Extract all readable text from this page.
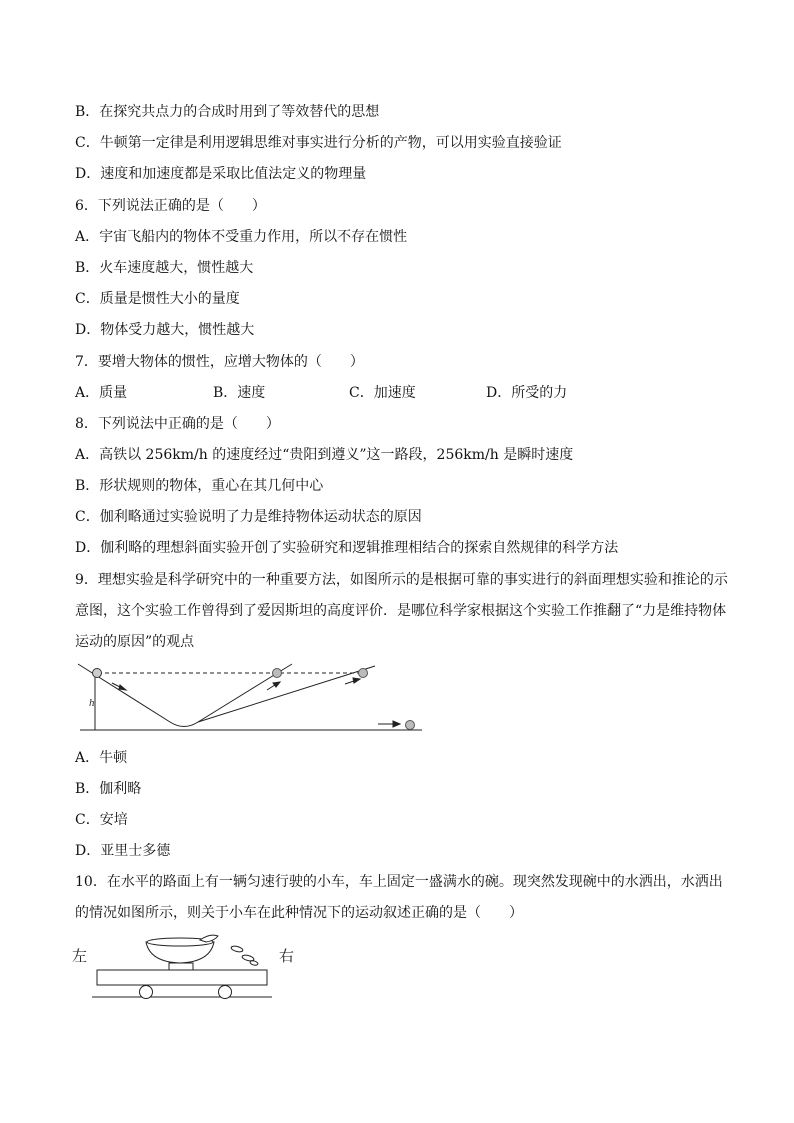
B．在探究共点力的合成时用到了等效替代的思想
C．牛顿第一定律是利用逻辑思维对事实进行分析的产物，可以用实验直接验证
D．速度和加速度都是采取比值法定义的物理量
6．下列说法正确的是（　　）
A．宇宙飞船内的物体不受重力作用，所以不存在惯性
B．火车速度越大，惯性越大
C．质量是惯性大小的量度
D．物体受力越大，惯性越大
7．要增大物体的惯性，应增大物体的（　　）
A．质量	B．速度	C．加速度	D．所受的力
8．下列说法中正确的是（　　）
A．高铁以 256km/h 的速度经过“贵阳到遵义”这一路段，256km/h 是瞬时速度
B．形状规则的物体，重心在其几何中心
C．伽利略通过实验说明了力是维持物体运动状态的原因
D．伽利略的理想斜面实验开创了实验研究和逻辑推理相结合的探索自然规律的科学方法
9．理想实验是科学研究中的一种重要方法，如图所示的是根据可靠的事实进行的斜面理想实验和推论的示
意图，这个实验工作曾得到了爱因斯坦的高度评价．是哪位科学家根据这个实验工作推翻了“力是维持物体
运动的原因”的观点
h
A．牛顿
B．伽利略
C．安培
D．亚里士多德
10．在水平的路面上有一辆匀速行驶的小车，车上固定一盛满水的碗。现突然发现碗中的水洒出，水洒出
的情况如图所示，则关于小车在此种情况下的运动叙述正确的是（　　）
左	右
